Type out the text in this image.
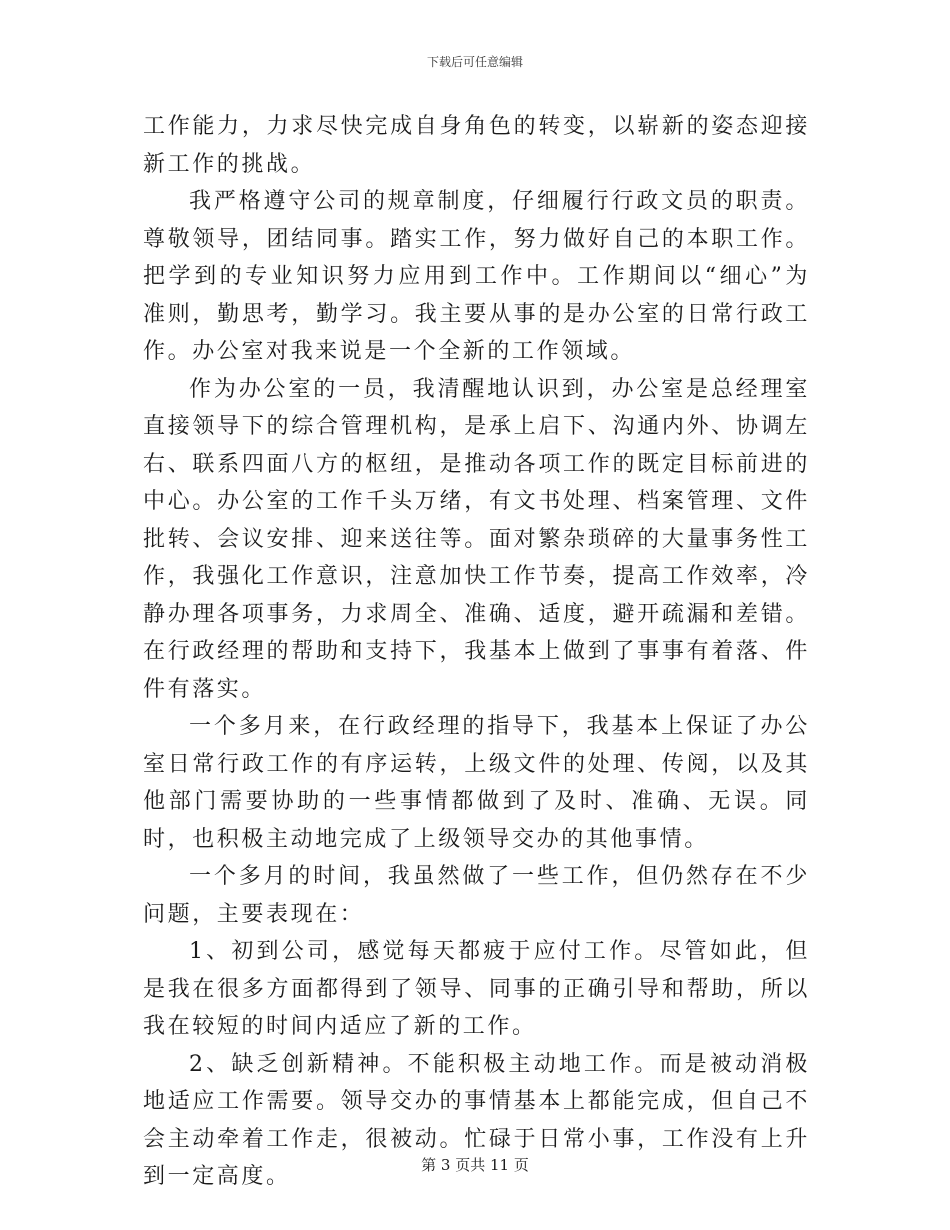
下载后可任意编辑

工作能力，力求尽快完成自身角色的转变，以崭新的姿态迎接新工作的挑战。

我严格遵守公司的规章制度，仔细履行行政文员的职责。尊敬领导，团结同事。踏实工作，努力做好自己的本职工作。把学到的专业知识努力应用到工作中。工作期间以“细心”为准则，勤思考，勤学习。我主要从事的是办公室的日常行政工作。办公室对我来说是一个全新的工作领域。

作为办公室的一员，我清醒地认识到，办公室是总经理室直接领导下的综合管理机构，是承上启下、沟通内外、协调左右、联系四面八方的枢纽，是推动各项工作的既定目标前进的中心。办公室的工作千头万绪，有文书处理、档案管理、文件批转、会议安排、迎来送往等。面对繁杂琐碎的大量事务性工作，我强化工作意识，注意加快工作节奏，提高工作效率，冷静办理各项事务，力求周全、准确、适度，避开疏漏和差错。在行政经理的帮助和支持下，我基本上做到了事事有着落、件件有落实。

一个多月来，在行政经理的指导下，我基本上保证了办公室日常行政工作的有序运转，上级文件的处理、传阅，以及其他部门需要协助的一些事情都做到了及时、准确、无误。同时，也积极主动地完成了上级领导交办的其他事情。

一个多月的时间，我虽然做了一些工作，但仍然存在不少问题，主要表现在：

1、初到公司，感觉每天都疲于应付工作。尽管如此，但是我在很多方面都得到了领导、同事的正确引导和帮助，所以我在较短的时间内适应了新的工作。

2、缺乏创新精神。不能积极主动地工作。而是被动消极地适应工作需要。领导交办的事情基本上都能完成，但自己不会主动牵着工作走，很被动。忙碌于日常小事，工作没有上升到一定高度。	第 3 页共 11 页
